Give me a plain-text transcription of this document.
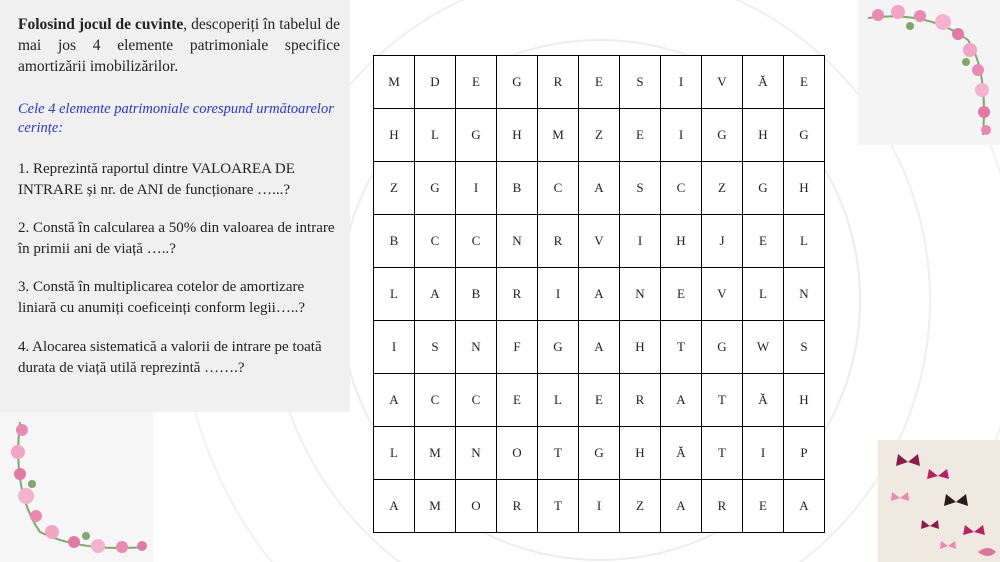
Folosind jocul de cuvinte, descoperiți în tabelul de mai jos 4 elemente patrimoniale specifice amortizării imobilizărilor.

Cele 4 elemente patrimoniale corespund următoarelor cerințe:

1. Reprezintă raportul dintre VALOAREA DE INTRARE și nr. de ANI de funcționare …...?

2. Constă în calcularea a 50% din valoarea de intrare în primii ani de viață …..?

3. Constă în multiplicarea cotelor de amortizare liniară cu anumiți coeficeinți conform legii…..?

4. Alocarea sistematică a valorii de intrare pe toată durata de viață utilă reprezintă …….?

M	D	E	G	R	E	S	I	V	Ă	E
H	L	G	H	M	Z	E	I	G	H	G
Z	G	I	B	C	A	S	C	Z	G	H
B	C	C	N	R	V	I	H	J	E	L
L	A	B	R	I	A	N	E	V	L	N
I	S	N	F	G	A	H	T	G	W	S
A	C	C	E	L	E	R	A	T	Ă	H
L	M	N	O	T	G	H	Ă	T	I	P
A	M	O	R	T	I	Z	A	R	E	A
